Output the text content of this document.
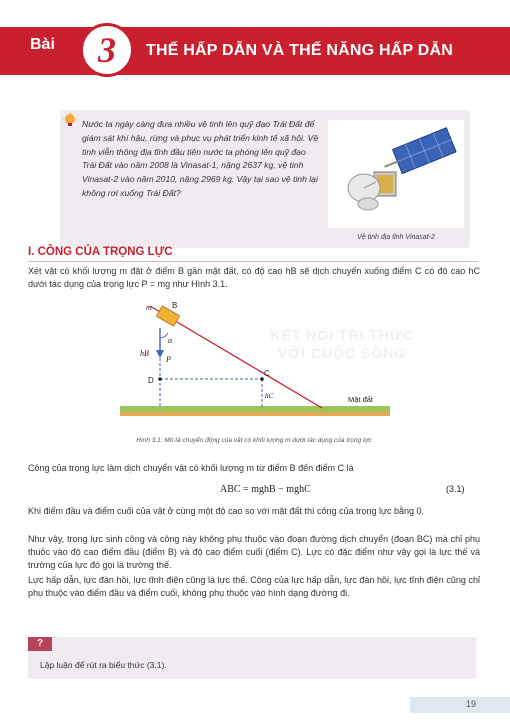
Bài 3 THẾ HẤP DẪN VÀ THẾ NĂNG HẤP DẪN
Nước ta ngày càng đưa nhiều vệ tinh lên quỹ đạo Trái Đất để giám sát khí hậu, rừng và phục vụ phát triển kinh tế xã hội. Vệ tinh viễn thông địa tĩnh đầu tiên nước ta phóng lên quỹ đạo Trái Đất vào năm 2008 là Vinasat-1, nặng 2637 kg, vệ tinh Vinasat-2 vào năm 2010, nặng 2969 kg. Vậy tại sao vệ tinh lại không rơi xuống Trái Đất?
Vệ tinh địa tĩnh Vinasat-2
I. CÔNG CỦA TRỌNG LỰC
Xét vật có khối lượng m đặt ở điểm B gần mặt đất, có độ cao hB sẽ dịch chuyển xuống điểm C có độ cao hC dưới tác dụng của trọng lực P = mg như Hình 3.1.
KẾT NỐI TRI THỨC VỚI CUỘC SỐNG
m	B
α
hB
P
D
C
hC	Mặt đất
Hình 3.1. Mô tả chuyển động của vật có khối lượng m dưới tác dụng của trọng lực
Công của trọng lực làm dịch chuyển vật có khối lượng m từ điểm B đến điểm C là
ABC = mghB − mghC	(3.1)
Khi điểm đầu và điểm cuối của vật ở cùng một độ cao so với mặt đất thì công của trọng lực bằng 0.
Như vậy, trọng lực sinh công và công này không phụ thuộc vào đoạn đường dịch chuyển (đoạn BC) mà chỉ phụ thuộc vào độ cao điểm đầu (điểm B) và độ cao điểm cuối (điểm C). Lực có đặc điểm như vậy gọi là lực thế và trường của lực đó gọi là trường thế.
Lực hấp dẫn, lực đàn hồi, lực tĩnh điện cũng là lực thế. Công của lực hấp dẫn, lực đàn hồi, lực tĩnh điện cũng chỉ phụ thuộc vào điểm đầu và điểm cuối, không phụ thuộc vào hình dạng đường đi.
?
Lập luận để rút ra biểu thức (3.1).
19
